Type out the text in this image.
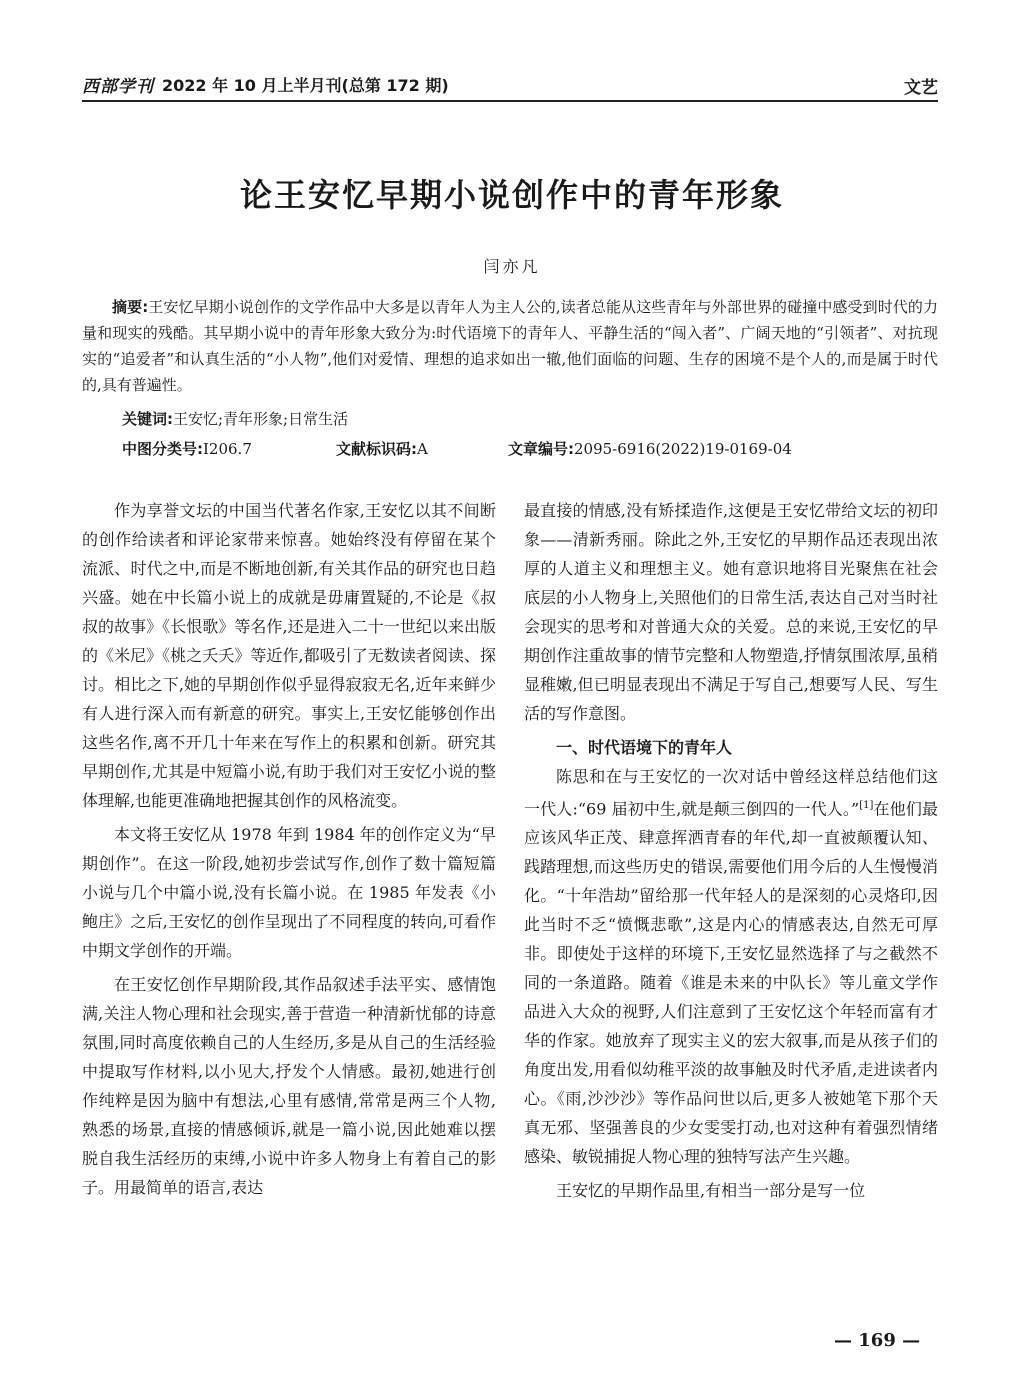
西部学刊 2022 年 10 月上半月刊(总第 172 期)	文艺
论王安忆早期小说创作中的青年形象
闫亦凡

摘要:王安忆早期小说创作的文学作品中大多是以青年人为主人公的,读者总能从这些青年与外部世界的碰撞中感受到时代的力量和现实的残酷。其早期小说中的青年形象大致分为:时代语境下的青年人、平静生活的“闯入者”、广阔天地的“引领者”、对抗现实的“追爱者”和认真生活的“小人物”,他们对爱情、理想的追求如出一辙,他们面临的问题、生存的困境不是个人的,而是属于时代的,具有普遍性。

关键词:王安忆;青年形象;日常生活
中图分类号:I206.7	文献标识码:A	文章编号:2095-6916(2022)19-0169-04

作为享誉文坛的中国当代著名作家,王安忆以其不间断的创作给读者和评论家带来惊喜。她始终没有停留在某个流派、时代之中,而是不断地创新,有关其作品的研究也日趋兴盛。她在中长篇小说上的成就是毋庸置疑的,不论是《叔叔的故事》《长恨歌》等名作,还是进入二十一世纪以来出版的《米尼》《桃之夭夭》等近作,都吸引了无数读者阅读、探讨。相比之下,她的早期创作似乎显得寂寂无名,近年来鲜少有人进行深入而有新意的研究。事实上,王安忆能够创作出这些名作,离不开几十年来在写作上的积累和创新。研究其早期创作,尤其是中短篇小说,有助于我们对王安忆小说的整体理解,也能更准确地把握其创作的风格流变。

本文将王安忆从 1978 年到 1984 年的创作定义为“早期创作”。在这一阶段,她初步尝试写作,创作了数十篇短篇小说与几个中篇小说,没有长篇小说。在 1985 年发表《小鲍庄》之后,王安忆的创作呈现出了不同程度的转向,可看作中期文学创作的开端。

在王安忆创作早期阶段,其作品叙述手法平实、感情饱满,关注人物心理和社会现实,善于营造一种清新忧郁的诗意氛围,同时高度依赖自己的人生经历,多是从自己的生活经验中提取写作材料,以小见大,抒发个人情感。最初,她进行创作纯粹是因为脑中有想法,心里有感情,常常是两三个人物,熟悉的场景,直接的情感倾诉,就是一篇小说,因此她难以摆脱自我生活经历的束缚,小说中许多人物身上有着自己的影子。用最简单的语言,表达

最直接的情感,没有矫揉造作,这便是王安忆带给文坛的初印象——清新秀丽。除此之外,王安忆的早期作品还表现出浓厚的人道主义和理想主义。她有意识地将目光聚焦在社会底层的小人物身上,关照他们的日常生活,表达自己对当时社会现实的思考和对普通大众的关爱。总的来说,王安忆的早期创作注重故事的情节完整和人物塑造,抒情氛围浓厚,虽稍显稚嫩,但已明显表现出不满足于写自己,想要写人民、写生活的写作意图。

一、时代语境下的青年人

陈思和在与王安忆的一次对话中曾经这样总结他们这一代人:“69 届初中生,就是颠三倒四的一代人。”[1]在他们最应该风华正茂、肆意挥洒青春的年代,却一直被颠覆认知、践踏理想,而这些历史的错误,需要他们用今后的人生慢慢消化。“十年浩劫”留给那一代年轻人的是深刻的心灵烙印,因此当时不乏“愤慨悲歌”,这是内心的情感表达,自然无可厚非。即使处于这样的环境下,王安忆显然选择了与之截然不同的一条道路。随着《谁是未来的中队长》等儿童文学作品进入大众的视野,人们注意到了王安忆这个年轻而富有才华的作家。她放弃了现实主义的宏大叙事,而是从孩子们的角度出发,用看似幼稚平淡的故事触及时代矛盾,走进读者内心。《雨,沙沙沙》等作品问世以后,更多人被她笔下那个天真无邪、坚强善良的少女雯雯打动,也对这种有着强烈情绪感染、敏锐捕捉人物心理的独特写法产生兴趣。

王安忆的早期作品里,有相当一部分是写一位

— 169 —
